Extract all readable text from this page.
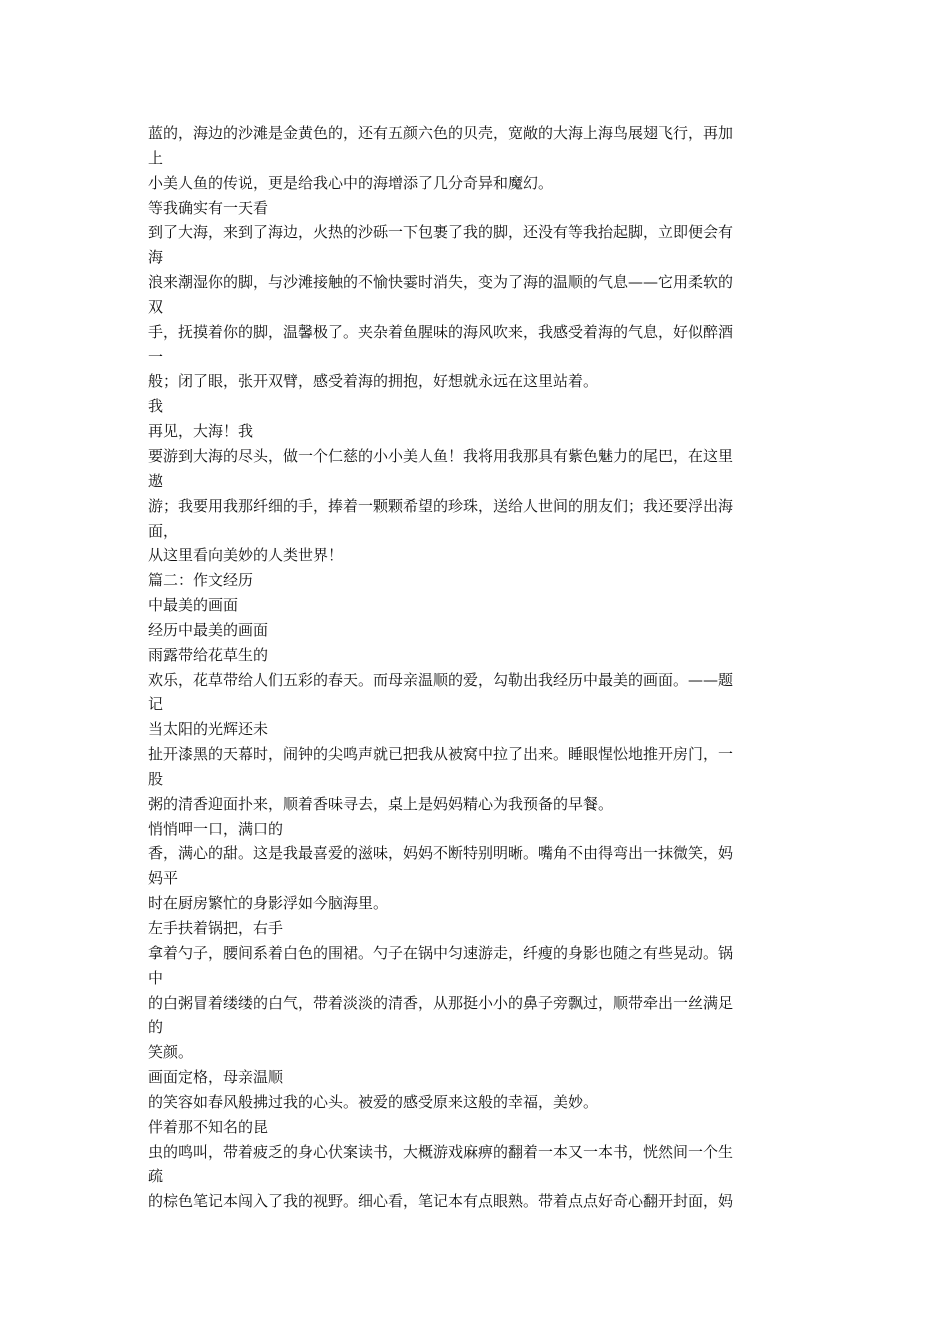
蓝的，海边的沙滩是金黄色的，还有五颜六色的贝壳，宽敞的大海上海鸟展翅飞行，再加
上
小美人鱼的传说，更是给我心中的海增添了几分奇异和魔幻。
等我确实有一天看
到了大海，来到了海边，火热的沙砾一下包裹了我的脚，还没有等我抬起脚，立即便会有
海
浪来潮湿你的脚，与沙滩接触的不愉快霎时消失，变为了海的温顺的气息——它用柔软的
双
手，抚摸着你的脚，温馨极了。夹杂着鱼腥味的海风吹来，我感受着海的气息，好似醉酒
一
般；闭了眼，张开双臂，感受着海的拥抱，好想就永远在这里站着。
我
再见，大海！我
要游到大海的尽头，做一个仁慈的小小美人鱼！我将用我那具有紫色魅力的尾巴，在这里
遨
游；我要用我那纤细的手，捧着一颗颗希望的珍珠，送给人世间的朋友们；我还要浮出海
面，
从这里看向美妙的人类世界！
篇二：作文经历
中最美的画面
经历中最美的画面
雨露带给花草生的
欢乐，花草带给人们五彩的春天。而母亲温顺的爱，勾勒出我经历中最美的画面。——题
记
当太阳的光辉还未
扯开漆黑的天幕时，闹钟的尖鸣声就已把我从被窝中拉了出来。睡眼惺忪地推开房门，一
股
粥的清香迎面扑来，顺着香味寻去，桌上是妈妈精心为我预备的早餐。
悄悄呷一口，满口的
香，满心的甜。这是我最喜爱的滋味，妈妈不断特别明晰。嘴角不由得弯出一抹微笑，妈
妈平
时在厨房繁忙的身影浮如今脑海里。
左手扶着锅把，右手
拿着勺子，腰间系着白色的围裙。勺子在锅中匀速游走，纤瘦的身影也随之有些晃动。锅
中
的白粥冒着缕缕的白气，带着淡淡的清香，从那挺小小的鼻子旁飘过，顺带牵出一丝满足
的
笑颜。
画面定格，母亲温顺
的笑容如春风般拂过我的心头。被爱的感受原来这般的幸福，美妙。
伴着那不知名的昆
虫的鸣叫，带着疲乏的身心伏案读书，大概游戏麻痹的翻着一本又一本书，恍然间一个生
疏
的棕色笔记本闯入了我的视野。细心看，笔记本有点眼熟。带着点点好奇心翻开封面，妈
